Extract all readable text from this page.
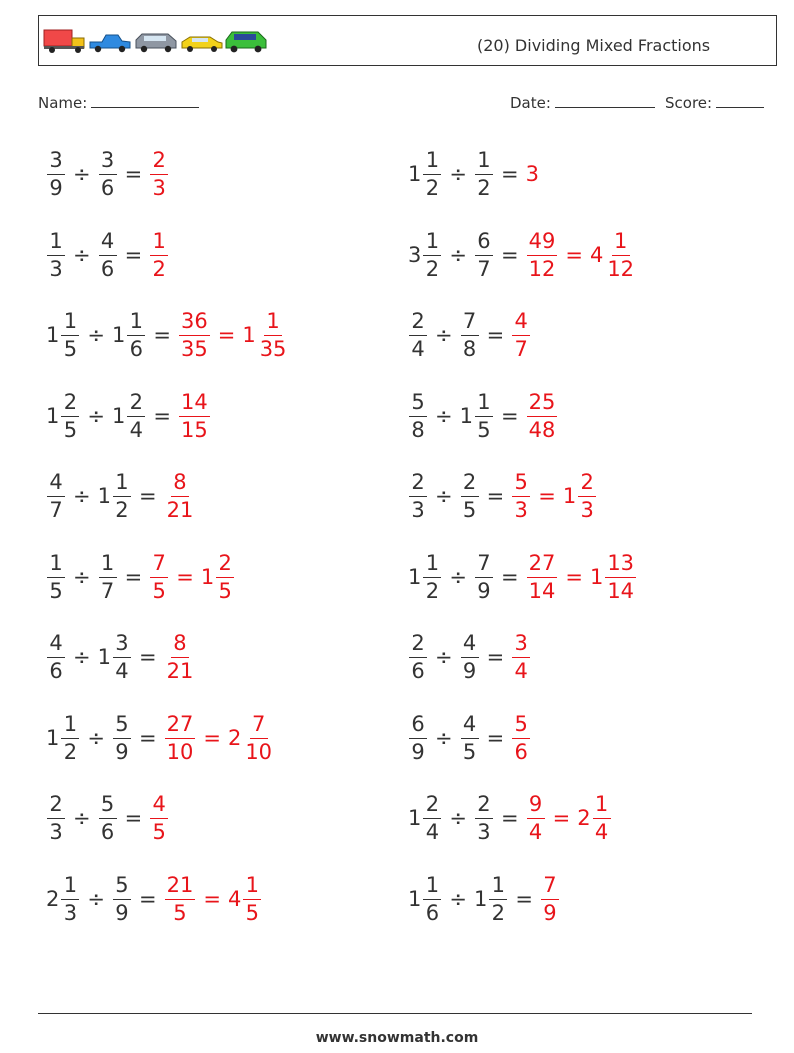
(20) Dividing Mixed Fractions
Name:	Date:	Score:
$\frac{3}{9} \div \frac{3}{6} = \frac{2}{3}$	$1 \frac{1}{2} \div \frac{1}{2} = 3$
$\frac{1}{3} \div \frac{4}{6} = \frac{1}{2}$	$3 \frac{1}{2} \div \frac{6}{7} = \frac{49}{12} = 4 \frac{1}{12}$
$1 \frac{1}{5} \div 1 \frac{1}{6} = \frac{36}{35} = 1 \frac{1}{35}$	$\frac{2}{4} \div \frac{7}{8} = \frac{4}{7}$
$1 \frac{2}{5} \div 1 \frac{2}{4} = \frac{14}{15}$	$\frac{5}{8} \div 1 \frac{1}{5} = \frac{25}{48}$
$\frac{4}{7} \div 1 \frac{1}{2} = \frac{8}{21}$	$\frac{2}{3} \div \frac{2}{5} = \frac{5}{3} = 1 \frac{2}{3}$
$\frac{1}{5} \div \frac{1}{7} = \frac{7}{5} = 1 \frac{2}{5}$	$1 \frac{1}{2} \div \frac{7}{9} = \frac{27}{14} = 1 \frac{13}{14}$
$\frac{4}{6} \div 1 \frac{3}{4} = \frac{8}{21}$	$\frac{2}{6} \div \frac{4}{9} = \frac{3}{4}$
$1 \frac{1}{2} \div \frac{5}{9} = \frac{27}{10} = 2 \frac{7}{10}$	$\frac{6}{9} \div \frac{4}{5} = \frac{5}{6}$
$\frac{2}{3} \div \frac{5}{6} = \frac{4}{5}$	$1 \frac{2}{4} \div \frac{2}{3} = \frac{9}{4} = 2 \frac{1}{4}$
$2 \frac{1}{3} \div \frac{5}{9} = \frac{21}{5} = 4 \frac{1}{5}$	$1 \frac{1}{6} \div 1 \frac{1}{2} = \frac{7}{9}$
www.snowmath.com
